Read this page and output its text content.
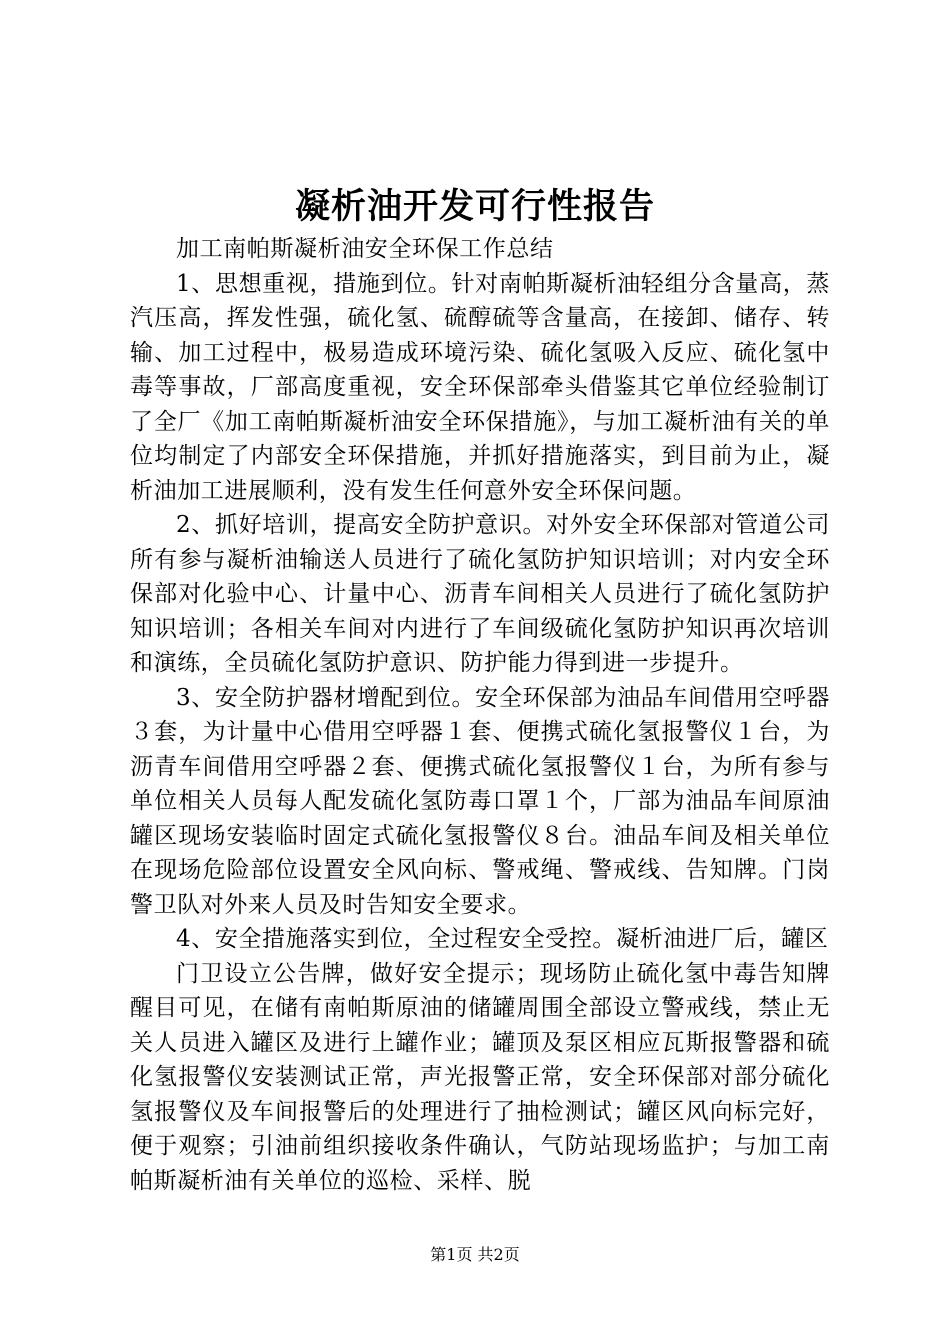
凝析油开发可行性报告

加工南帕斯凝析油安全环保工作总结

1、思想重视，措施到位。针对南帕斯凝析油轻组分含量高，蒸汽压高，挥发性强，硫化氢、硫醇硫等含量高，在接卸、储存、转输、加工过程中，极易造成环境污染、硫化氢吸入反应、硫化氢中毒等事故，厂部高度重视，安全环保部牵头借鉴其它单位经验制订了全厂《加工南帕斯凝析油安全环保措施》，与加工凝析油有关的单位均制定了内部安全环保措施，并抓好措施落实，到目前为止，凝析油加工进展顺利，没有发生任何意外安全环保问题。

2、抓好培训，提高安全防护意识。对外安全环保部对管道公司所有参与凝析油输送人员进行了硫化氢防护知识培训；对内安全环保部对化验中心、计量中心、沥青车间相关人员进行了硫化氢防护知识培训；各相关车间对内进行了车间级硫化氢防护知识再次培训和演练，全员硫化氢防护意识、防护能力得到进一步提升。

3、安全防护器材增配到位。安全环保部为油品车间借用空呼器３套，为计量中心借用空呼器１套、便携式硫化氢报警仪１台，为沥青车间借用空呼器２套、便携式硫化氢报警仪１台，为所有参与单位相关人员每人配发硫化氢防毒口罩１个，厂部为油品车间原油罐区现场安装临时固定式硫化氢报警仪８台。油品车间及相关单位在现场危险部位设置安全风向标、警戒绳、警戒线、告知牌。门岗警卫队对外来人员及时告知安全要求。

4、安全措施落实到位，全过程安全受控。凝析油进厂后，罐区

门卫设立公告牌，做好安全提示；现场防止硫化氢中毒告知牌醒目可见，在储有南帕斯原油的储罐周围全部设立警戒线，禁止无关人员进入罐区及进行上罐作业；罐顶及泵区相应瓦斯报警器和硫化氢报警仪安装测试正常，声光报警正常，安全环保部对部分硫化氢报警仪及车间报警后的处理进行了抽检测试；罐区风向标完好，便于观察；引油前组织接收条件确认，气防站现场监护；与加工南帕斯凝析油有关单位的巡检、采样、脱

第1页 共2页
